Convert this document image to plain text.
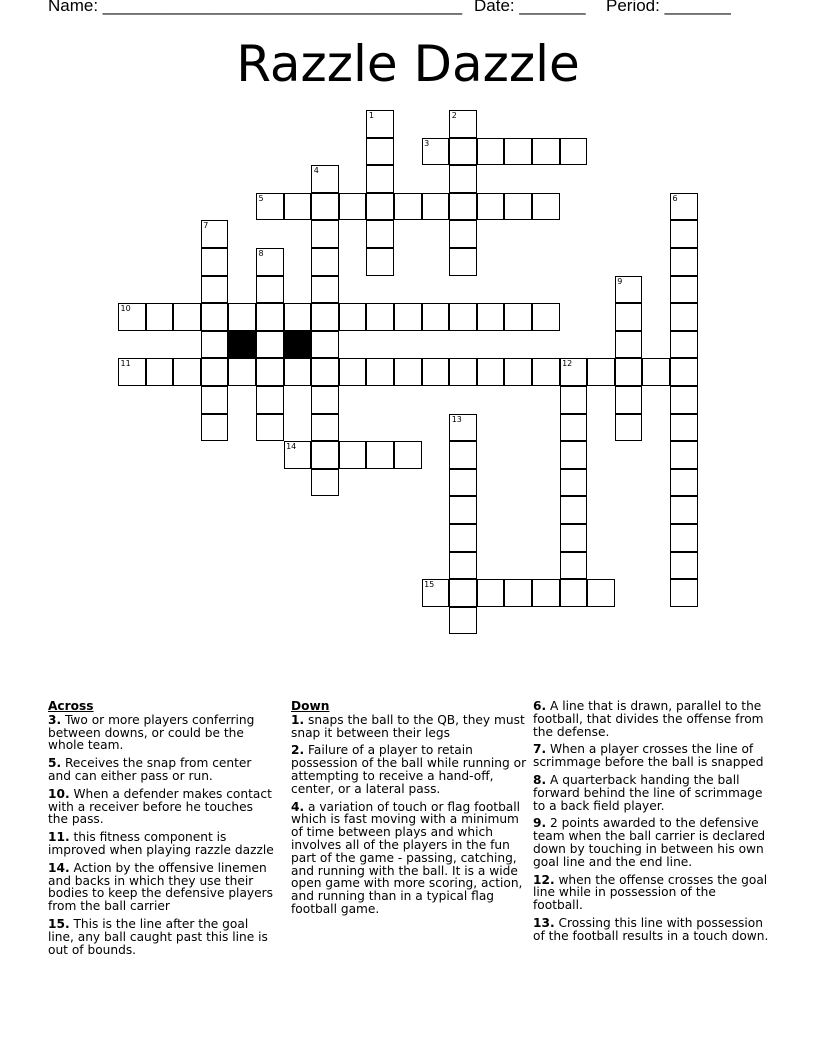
Name: ______________________________________ Date: _______ Period: _______
Razzle Dazzle
1	2
3
4
5	6
7
8
9
10
11	12
13
14
15
Across
3. Two or more players conferring between downs, or could be the whole team.
5. Receives the snap from center and can either pass or run.
10. When a defender makes contact with a receiver before he touches the pass.
11. this fitness component is improved when playing razzle dazzle
14. Action by the offensive linemen and backs in which they use their bodies to keep the defensive players from the ball carrier
15. This is the line after the goal line, any ball caught past this line is out of bounds.
Down
1. snaps the ball to the QB, they must snap it between their legs
2. Failure of a player to retain possession of the ball while running or attempting to receive a hand-off, center, or a lateral pass.
4. a variation of touch or flag football which is fast moving with a minimum of time between plays and which involves all of the players in the fun part of the game - passing, catching, and running with the ball. It is a wide open game with more scoring, action, and running than in a typical flag football game.
6. A line that is drawn, parallel to the football, that divides the offense from the defense.
7. When a player crosses the line of scrimmage before the ball is snapped
8. A quarterback handing the ball forward behind the line of scrimmage to a back field player.
9. 2 points awarded to the defensive team when the ball carrier is declared down by touching in between his own goal line and the end line.
12. when the offense crosses the goal line while in possession of the football.
13. Crossing this line with possession of the football results in a touch down.
